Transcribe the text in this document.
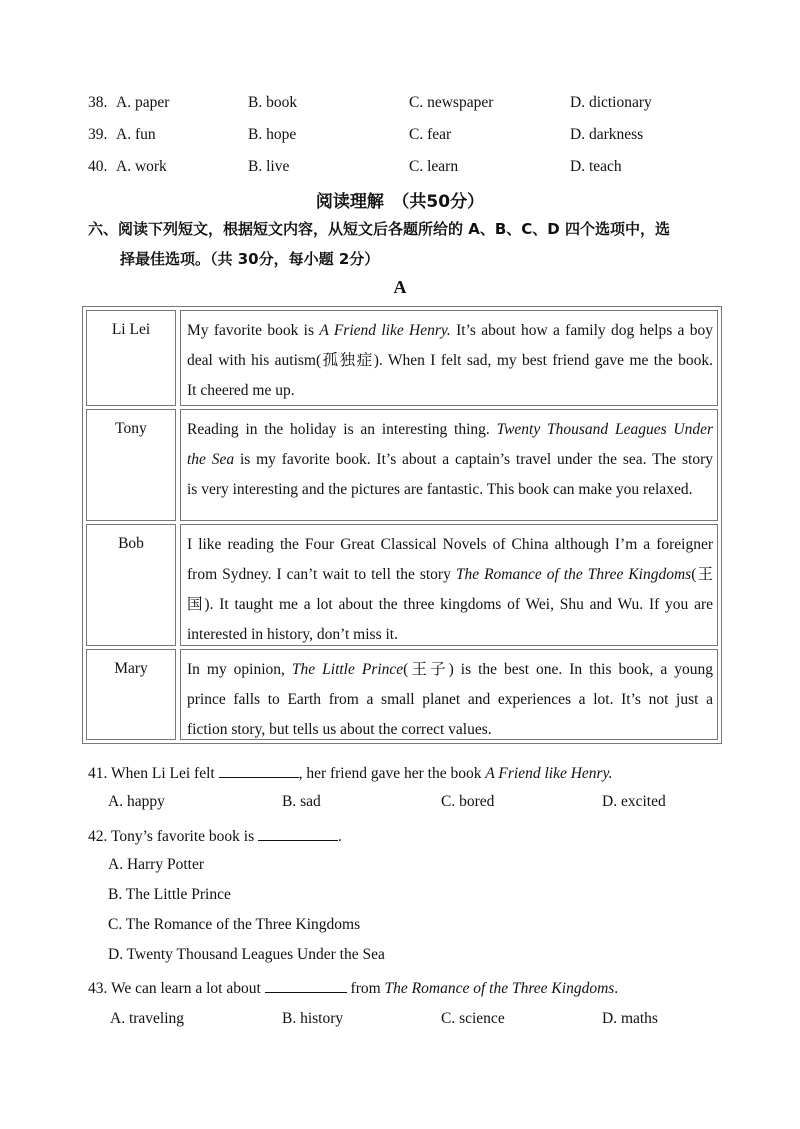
38. A. paper	B. book	C. newspaper	D. dictionary
39. A. fun	B. hope	C. fear	D. darkness
40. A. work	B. live	C. learn	D. teach
阅读理解　（共50分）
六、阅读下列短文，根据短文内容，从短文后各题所给的 A、B、C、D 四个选项中，选
择最佳选项。（共 30分，每小题 2分）
A
Li Lei	My favorite book is A Friend like Henry. It’s about how a family dog helps a boy
deal with his autism(孤独症). When I felt sad, my best friend gave me the book.
It cheered me up.
Tony	Reading in the holiday is an interesting thing. Twenty Thousand Leagues Under
the Sea is my favorite book. It’s about a captain’s travel under the sea. The story
is very interesting and the pictures are fantastic. This book can make you relaxed.
Bob	I like reading the Four Great Classical Novels of China although I’m a foreigner
from Sydney. I can’t wait to tell the story The Romance of the Three Kingdoms(王
国). It taught me a lot about the three kingdoms of Wei, Shu and Wu. If you are
interested in history, don’t miss it.
Mary	In my opinion, The Little Prince(王子) is the best one. In this book, a young
prince falls to Earth from a small planet and experiences a lot. It’s not just a
fiction story, but tells us about the correct values.
41. When Li Lei felt	, her friend gave her the book A Friend like Henry.
A. happy	B. sad	C. bored	D. excited
42. Tony’s favorite book is	.
A. Harry Potter
B. The Little Prince
C. The Romance of the Three Kingdoms
D. Twenty Thousand Leagues Under the Sea
43. We can learn a lot about	from The Romance of the Three Kingdoms.
A. traveling	B. history	C. science	D. maths
